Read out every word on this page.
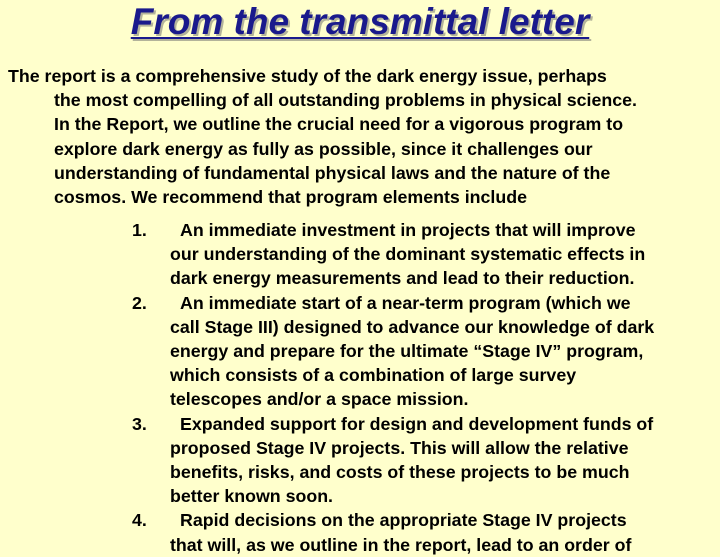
From the transmittal letter
The report is a comprehensive study of the dark energy issue, perhaps
the most compelling of all outstanding problems in physical science.
In the Report, we outline the crucial need for a vigorous program to
explore dark energy as fully as possible, since it challenges our
understanding of fundamental physical laws and the nature of the
cosmos. We recommend that program elements include
1.	An immediate investment in projects that will improve
our understanding of the dominant systematic effects in
dark energy measurements and lead to their reduction.
2.	An immediate start of a near-term program (which we
call Stage III) designed to advance our knowledge of dark
energy and prepare for the ultimate “Stage IV” program,
which consists of a combination of large survey
telescopes and/or a space mission.
3.	Expanded support for design and development funds of
proposed Stage IV projects. This will allow the relative
benefits, risks, and costs of these projects to be much
better known soon.
4.	Rapid decisions on the appropriate Stage IV projects
that will, as we outline in the report, lead to an order of
